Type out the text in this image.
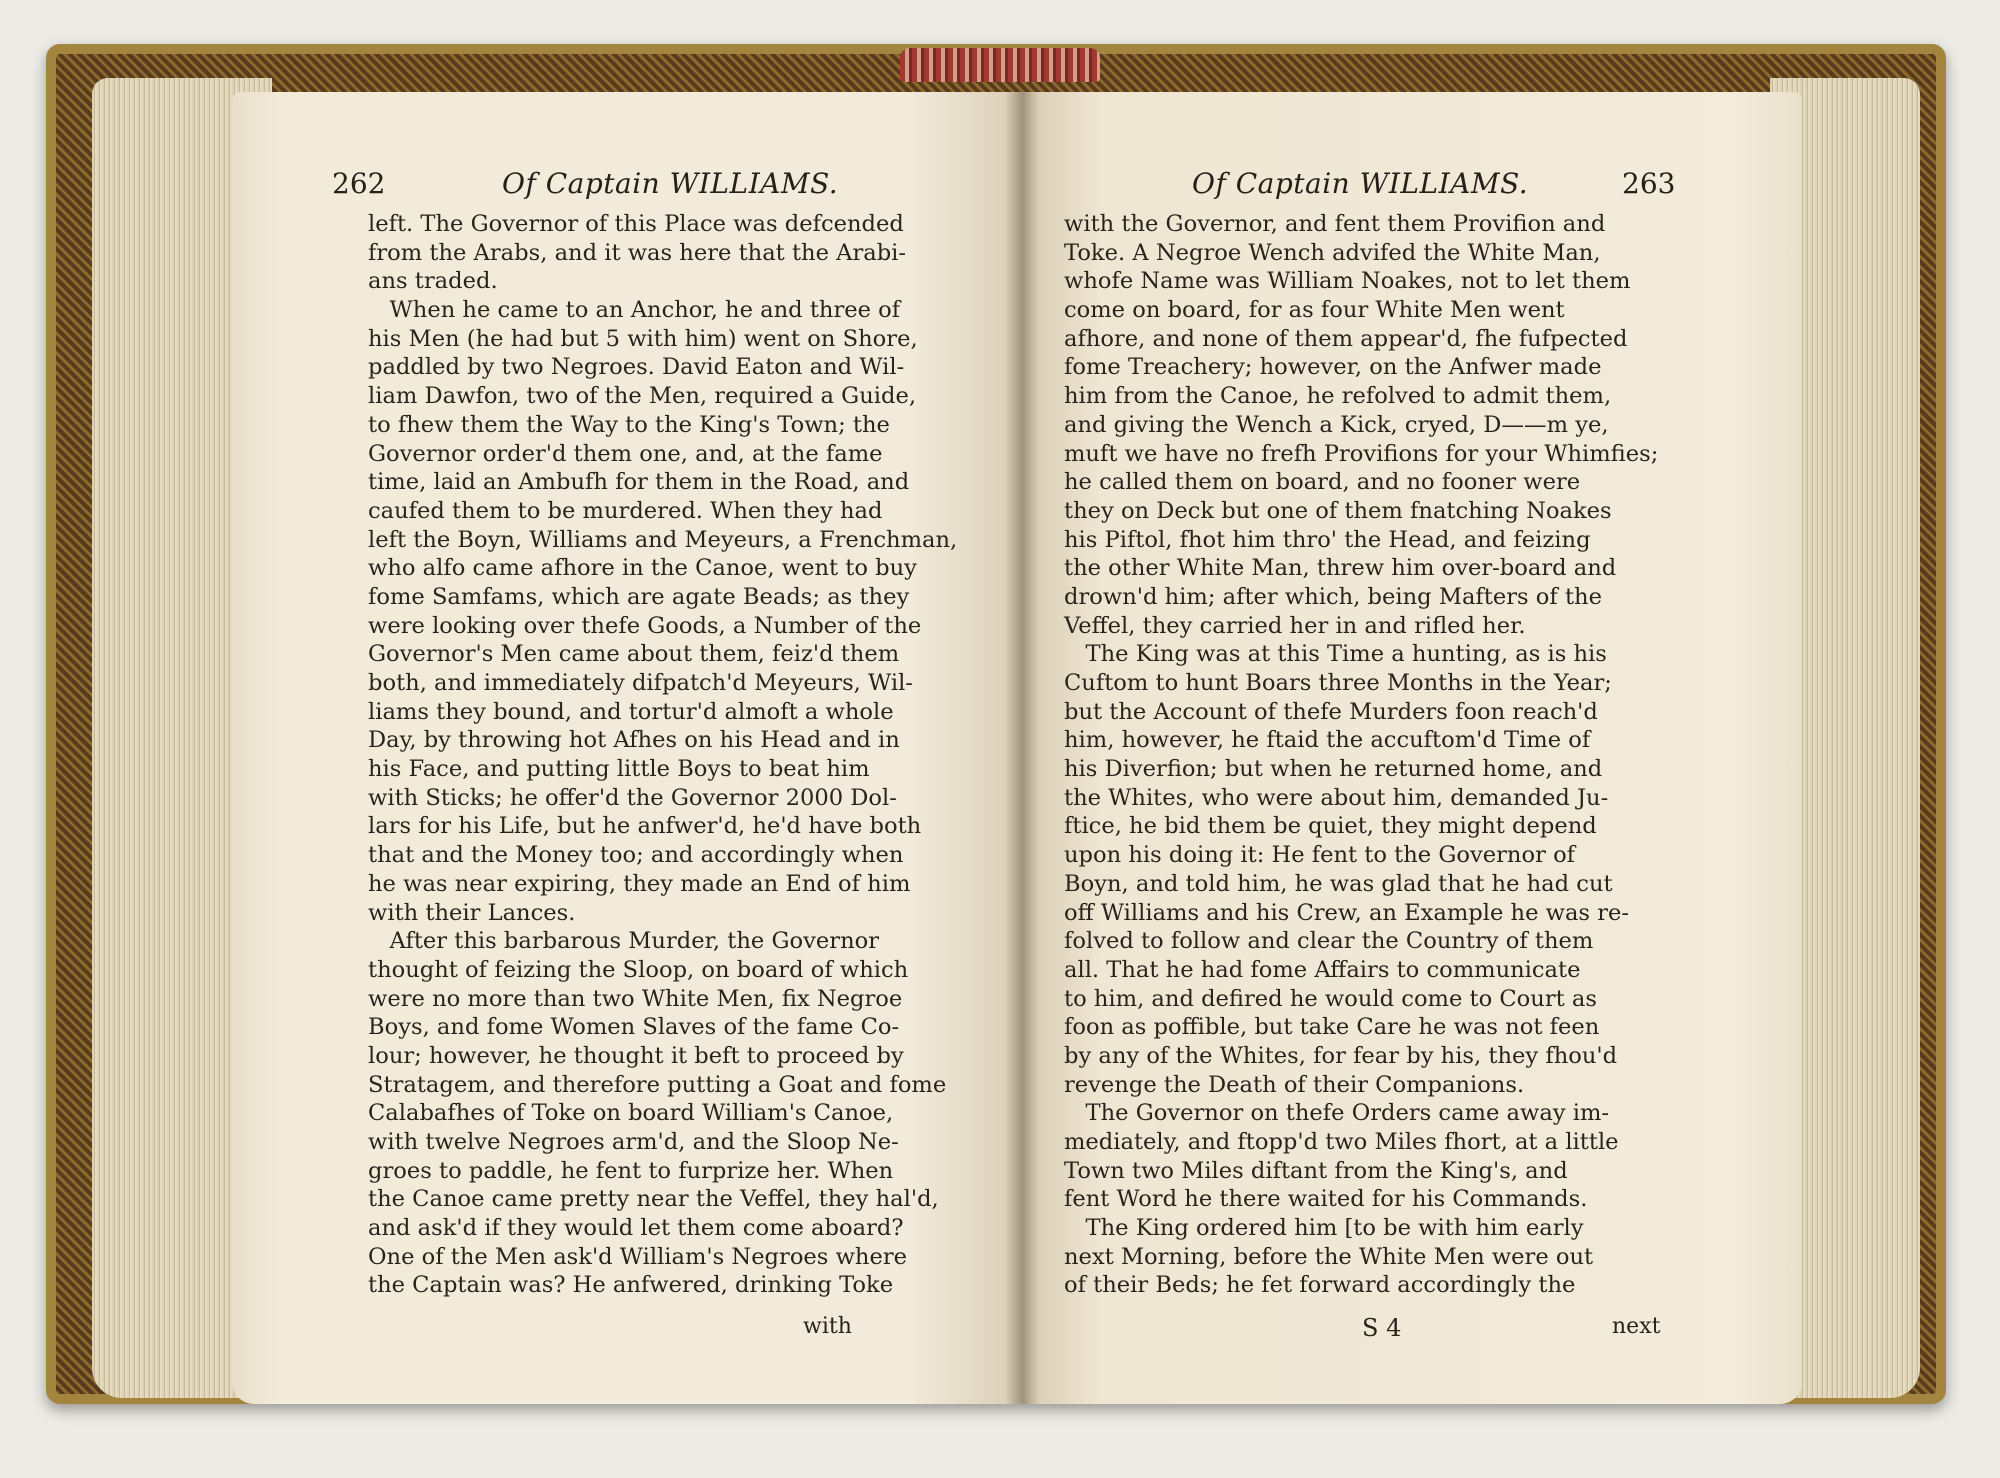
262	Of Captain WILLIAMS.
left. The Governor of this Place was defcended
from the Arabs, and it was here that the Arabi-
ans traded.
When he came to an Anchor, he and three of
his Men (he had but 5 with him) went on Shore,
paddled by two Negroes. David Eaton and Wil-
liam Dawfon, two of the Men, required a Guide,
to fhew them the Way to the King's Town; the
Governor order'd them one, and, at the fame
time, laid an Ambufh for them in the Road, and
caufed them to be murdered. When they had
left the Boyn, Williams and Meyeurs, a Frenchman,
who alfo came afhore in the Canoe, went to buy
fome Samfams, which are agate Beads; as they
were looking over thefe Goods, a Number of the
Governor's Men came about them, feiz'd them
both, and immediately difpatch'd Meyeurs, Wil-
liams they bound, and tortur'd almoft a whole
Day, by throwing hot Afhes on his Head and in
his Face, and putting little Boys to beat him
with Sticks; he offer'd the Governor 2000 Dol-
lars for his Life, but he anfwer'd, he'd have both
that and the Money too; and accordingly when
he was near expiring, they made an End of him
with their Lances.
After this barbarous Murder, the Governor
thought of feizing the Sloop, on board of which
were no more than two White Men, fix Negroe
Boys, and fome Women Slaves of the fame Co-
lour; however, he thought it beft to proceed by
Stratagem, and therefore putting a Goat and fome
Calabafhes of Toke on board William's Canoe,
with twelve Negroes arm'd, and the Sloop Ne-
groes to paddle, he fent to furprize her. When
the Canoe came pretty near the Veffel, they hal'd,
and ask'd if they would let them come aboard?
One of the Men ask'd William's Negroes where
the Captain was? He anfwered, drinking Toke
with
Of Captain WILLIAMS.	263
with the Governor, and fent them Provifion and
Toke. A Negroe Wench advifed the White Man,
whofe Name was William Noakes, not to let them
come on board, for as four White Men went
afhore, and none of them appear'd, fhe fufpected
fome Treachery; however, on the Anfwer made
him from the Canoe, he refolved to admit them,
and giving the Wench a Kick, cryed, D——m ye,
muft we have no frefh Provifions for your Whimfies;
he called them on board, and no fooner were
they on Deck but one of them fnatching Noakes
his Piftol, fhot him thro' the Head, and feizing
the other White Man, threw him over-board and
drown'd him; after which, being Mafters of the
Veffel, they carried her in and rifled her.
The King was at this Time a hunting, as is his
Cuftom to hunt Boars three Months in the Year;
but the Account of thefe Murders foon reach'd
him, however, he ftaid the accuftom'd Time of
his Diverfion; but when he returned home, and
the Whites, who were about him, demanded Ju-
ftice, he bid them be quiet, they might depend
upon his doing it: He fent to the Governor of
Boyn, and told him, he was glad that he had cut
off Williams and his Crew, an Example he was re-
folved to follow and clear the Country of them
all. That he had fome Affairs to communicate
to him, and defired he would come to Court as
foon as poffible, but take Care he was not feen
by any of the Whites, for fear by his, they fhou'd
revenge the Death of their Companions.
The Governor on thefe Orders came away im-
mediately, and ftopp'd two Miles fhort, at a little
Town two Miles diftant from the King's, and
fent Word he there waited for his Commands.
The King ordered him [to be with him early
next Morning, before the White Men were out
of their Beds; he fet forward accordingly the
S 4	next
